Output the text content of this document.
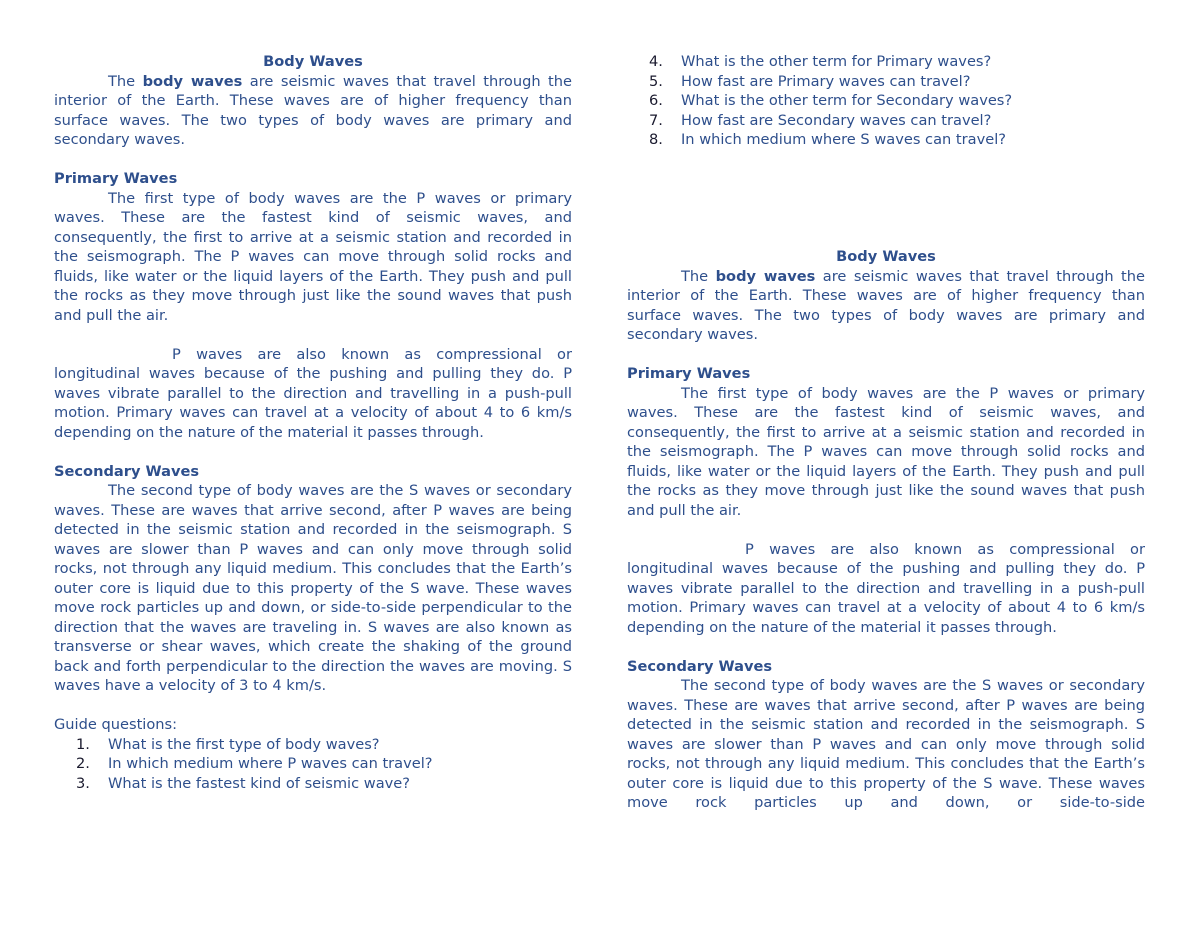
Body Waves

The body waves are seismic waves that travel through the interior of the Earth. These waves are of higher frequency than surface waves. The two types of body waves are primary and secondary waves.

Primary Waves

The first type of body waves are the P waves or primary waves. These are the fastest kind of seismic waves, and consequently, the first to arrive at a seismic station and recorded in the seismograph. The P waves can move through solid rocks and fluids, like water or the liquid layers of the Earth. They push and pull the rocks as they move through just like the sound waves that push and pull the air.

P waves are also known as compressional or longitudinal waves because of the pushing and pulling they do. P waves vibrate parallel to the direction and travelling in a push-pull motion. Primary waves can travel at a velocity of about 4 to 6 km/s depending on the nature of the material it passes through.

Secondary Waves

The second type of body waves are the S waves or secondary waves. These are waves that arrive second, after P waves are being detected in the seismic station and recorded in the seismograph. S waves are slower than P waves and can only move through solid rocks, not through any liquid medium. This concludes that the Earth’s outer core is liquid due to this property of the S wave. These waves move rock particles up and down, or side-to-side perpendicular to the direction that the waves are traveling in. S waves are also known as transverse or shear waves, which create the shaking of the ground back and forth perpendicular to the direction the waves are moving. S waves have a velocity of 3 to 4 km/s.

Guide questions:

1. What is the first type of body waves?
2. In which medium where P waves can travel?
3. What is the fastest kind of seismic wave?
4. What is the other term for Primary waves?
5. How fast are Primary waves can travel?
6. What is the other term for Secondary waves?
7. How fast are Secondary waves can travel?
8. In which medium where S waves can travel?

Body Waves

The body waves are seismic waves that travel through the interior of the Earth. These waves are of higher frequency than surface waves. The two types of body waves are primary and secondary waves.

Primary Waves

The first type of body waves are the P waves or primary waves. These are the fastest kind of seismic waves, and consequently, the first to arrive at a seismic station and recorded in the seismograph. The P waves can move through solid rocks and fluids, like water or the liquid layers of the Earth. They push and pull the rocks as they move through just like the sound waves that push and pull the air.

P waves are also known as compressional or longitudinal waves because of the pushing and pulling they do. P waves vibrate parallel to the direction and travelling in a push-pull motion. Primary waves can travel at a velocity of about 4 to 6 km/s depending on the nature of the material it passes through.

Secondary Waves

The second type of body waves are the S waves or secondary waves. These are waves that arrive second, after P waves are being detected in the seismic station and recorded in the seismograph. S waves are slower than P waves and can only move through solid rocks, not through any liquid medium. This concludes that the Earth’s outer core is liquid due to this property of the S wave. These waves move rock particles up and down, or side-to-side
